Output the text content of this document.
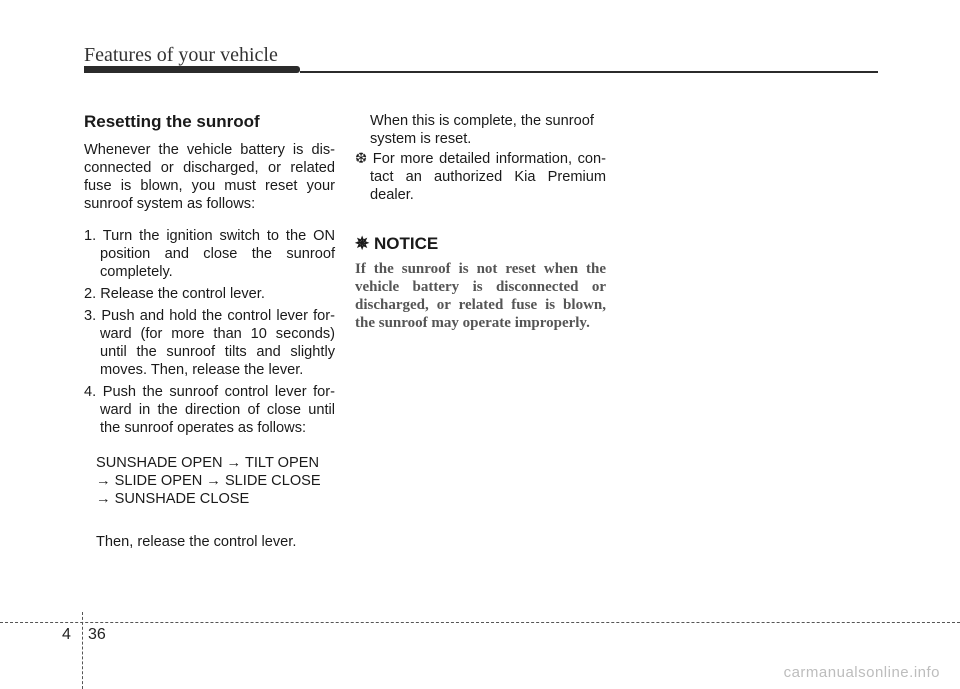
Features of your vehicle
Resetting the sunroof

Whenever the vehicle battery is dis-connected or discharged, or related fuse is blown, you must reset your sunroof system as follows:

1. Turn the ignition switch to the ON position and close the sunroof completely.
2. Release the control lever.
3. Push and hold the control lever for-ward (for more than 10 seconds) until the sunroof tilts and slightly moves. Then, release the lever.
4. Push the sunroof control lever for-ward in the direction of close until the sunroof operates as follows:
SUNSHADE OPEN → TILT OPEN
→ SLIDE OPEN → SLIDE CLOSE
→ SUNSHADE CLOSE
Then, release the control lever.

When this is complete, the sunroof system is reset.

❆ For more detailed information, con-tact an authorized Kia Premium dealer.

✵ NOTICE
If the sunroof is not reset when the vehicle battery is disconnected or discharged, or related fuse is blown, the sunroof may operate improperly.
4 36
carmanualsonline.info
